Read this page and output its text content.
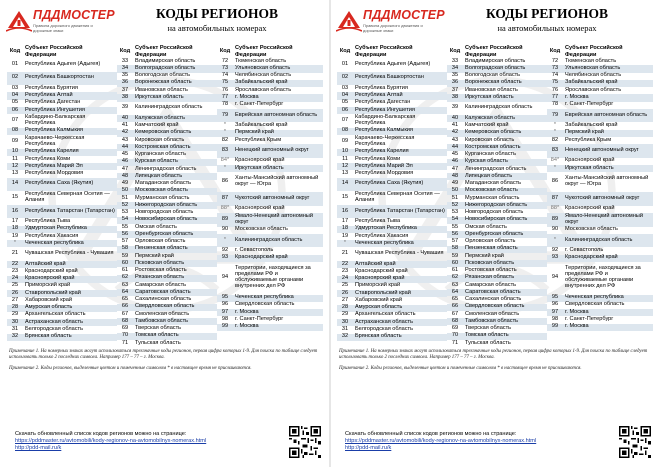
ПДДМОСТЕР
Правила дорожного движения и дорожные знаки
КОДЫ РЕГИОНОВ
на автомобильных номерах
Код	Субъект Российской Федерации
01	Республика Адыгея (Адыгея)
02	Республика Башкортостан
03	Республика Бурятия
04	Республика Алтай
05	Республика Дагестан
06	Республика Ингушетия
07	Кабардино-Балкарская Республика
08	Республика Калмыкия
09	Карачаево-Черкесская Республика
10	Республика Карелия
11	Республика Коми
12	Республика Марий Эл
13	Республика Мордовия
14	Республика Саха (Якутия)
15	Республика Северная Осетия — Алания
16	Республика Татарстан (Татарстан)
17	Республика Тыва
18	Удмуртская Республика
19	Республика Хакасия
*	Чеченская республика
21	Чувашская Республика - Чувашия
22	Алтайский край
23	Краснодарский край
24	Красноярский край
25	Приморский край
26	Ставропольский край
27	Хабаровский край
28	Амурская область
29	Архангельская область
30	Астраханская область
31	Белгородская область
32	Брянская область
Код	Субъект Российской Федерации
33	Владимирская область
34	Волгоградская область
35	Вологодская область
36	Воронежская область
37	Ивановская область
38	Иркутская область
39	Калининградская область
40	Калужская область
41	Камчатский край
42	Кемеровская область
43	Кировская область
44	Костромская область
45	Курганская область
46	Курская область
47	Ленинградская область
48	Липецкая область
49	Магаданская область
50	Московская область
51	Мурманская область
52	Нижегородская область
53	Новгородская область
54	Новосибирская область
55	Омская область
56	Оренбургская область
57	Орловская область
58	Пензенская область
59	Пермский край
60	Псковская область
61	Ростовская область
62	Рязанская область
63	Самарская область
64	Саратовская область
65	Сахалинская область
66	Свердловская область
67	Смоленская область
68	Тамбовская область
69	Тверская область
70	Томская область
71	Тульская область
Код	Субъект Российской Федерации
72	Тюменская область
73	Ульяновская область
74	Челябинская область
75	Забайкальский край
76	Ярославская область
77	г. Москва
78	г. Санкт-Петербург
79	Еврейская автономная область
*	Забайкальский край
*	Пермский край
82	Республика Крым
83	Ненецкий автономный округ
84*	Красноярский край
*	Иркутская область
86	Ханты-Мансийский автономный округ — Югра
87	Чукотский автономный округ
88*	Красноярский край
89	Ямало-Ненецкий автономный округ
90	Московская область
*	Калининградская область
92	г. Севастополь
93	Краснодарский край
94	Территории, находящиеся за пределами РФ и обслуживаемые органами внутренних дел РФ
95	Чеченская республика
96	Свердловская область
97	г. Москва
98	г. Санкт-Петербург
99	г. Москва

Примечание 1. На номерных знаках могут использоваться трехзначные коды регионов, первая цифра которых 1-9. Для поиска по таблице следует использовать только 2 последних символа. Например 177 – 77 – г. Москва.

Примечание 2. Коды регионов, выделенные цветом и помеченные символом * в настоящее время не присваиваются.

Скачать обновленный список кодов регионов можно на странице:
https://pddmaster.ru/avtomobili/kody-regionov-na-avtomobilnyx-nomerax.html
http://pdd-mail.ru/k
ПДДМОСТЕР
Правила дорожного движения и дорожные знаки
КОДЫ РЕГИОНОВ
на автомобильных номерах
Код	Субъект Российской Федерации
01	Республика Адыгея (Адыгея)
02	Республика Башкортостан
03	Республика Бурятия
04	Республика Алтай
05	Республика Дагестан
06	Республика Ингушетия
07	Кабардино-Балкарская Республика
08	Республика Калмыкия
09	Карачаево-Черкесская Республика
10	Республика Карелия
11	Республика Коми
12	Республика Марий Эл
13	Республика Мордовия
14	Республика Саха (Якутия)
15	Республика Северная Осетия — Алания
16	Республика Татарстан (Татарстан)
17	Республика Тыва
18	Удмуртская Республика
19	Республика Хакасия
*	Чеченская республика
21	Чувашская Республика - Чувашия
22	Алтайский край
23	Краснодарский край
24	Красноярский край
25	Приморский край
26	Ставропольский край
27	Хабаровский край
28	Амурская область
29	Архангельская область
30	Астраханская область
31	Белгородская область
32	Брянская область
Код	Субъект Российской Федерации
33	Владимирская область
34	Волгоградская область
35	Вологодская область
36	Воронежская область
37	Ивановская область
38	Иркутская область
39	Калининградская область
40	Калужская область
41	Камчатский край
42	Кемеровская область
43	Кировская область
44	Костромская область
45	Курганская область
46	Курская область
47	Ленинградская область
48	Липецкая область
49	Магаданская область
50	Московская область
51	Мурманская область
52	Нижегородская область
53	Новгородская область
54	Новосибирская область
55	Омская область
56	Оренбургская область
57	Орловская область
58	Пензенская область
59	Пермский край
60	Псковская область
61	Ростовская область
62	Рязанская область
63	Самарская область
64	Саратовская область
65	Сахалинская область
66	Свердловская область
67	Смоленская область
68	Тамбовская область
69	Тверская область
70	Томская область
71	Тульская область
Код	Субъект Российской Федерации
72	Тюменская область
73	Ульяновская область
74	Челябинская область
75	Забайкальский край
76	Ярославская область
77	г. Москва
78	г. Санкт-Петербург
79	Еврейская автономная область
*	Забайкальский край
*	Пермский край
82	Республика Крым
83	Ненецкий автономный округ
84*	Красноярский край
*	Иркутская область
86	Ханты-Мансийский автономный округ — Югра
87	Чукотский автономный округ
88*	Красноярский край
89	Ямало-Ненецкий автономный округ
90	Московская область
*	Калининградская область
92	г. Севастополь
93	Краснодарский край
94	Территории, находящиеся за пределами РФ и обслуживаемые органами внутренних дел РФ
95	Чеченская республика
96	Свердловская область
97	г. Москва
98	г. Санкт-Петербург
99	г. Москва

Примечание 1. На номерных знаках могут использоваться трехзначные коды регионов, первая цифра которых 1-9. Для поиска по таблице следует использовать только 2 последних символа. Например 177 – 77 – г. Москва.

Примечание 2. Коды регионов, выделенные цветом и помеченные символом * в настоящее время не присваиваются.

Скачать обновленный список кодов регионов можно на странице:
https://pddmaster.ru/avtomobili/kody-regionov-na-avtomobilnyx-nomerax.html
http://pdd-mail.ru/k
